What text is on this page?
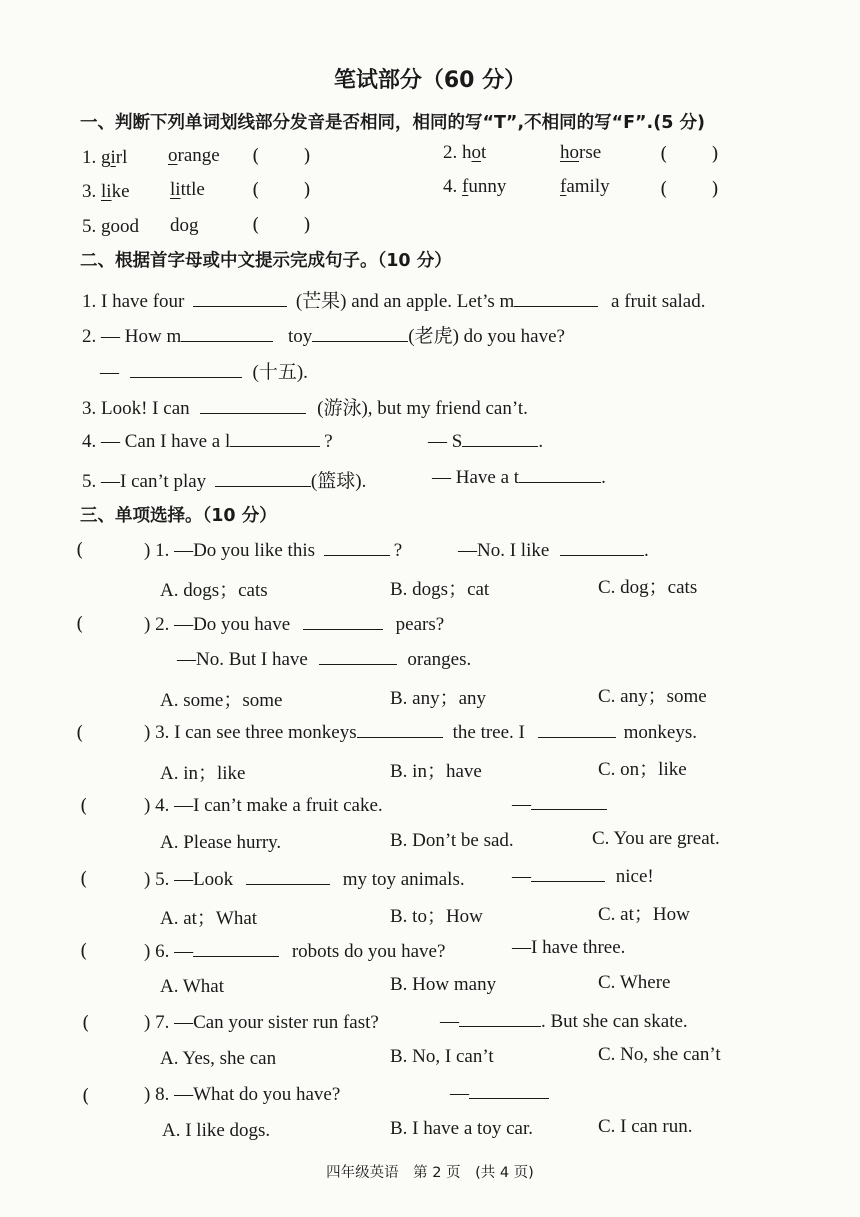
笔试部分（60 分）
一、判断下列单词划线部分发音是否相同，相同的写“T”,不相同的写“F”.(5 分)
1. girl orange ( )	2. hot	horse	( )
3. like little ( )	4. funny	family	( )
5. good dog	( )
二、根据首字母或中文提示完成句子。（10 分）
1. I have four	(芒果) and an apple. Let’s m	a fruit salad.
2. — How m	toy	(老虎) do you have?
—	(十五).
3. Look! I can	(游泳), but my friend can’t.
4. — Can I have a l	?	— S	.
5. —I can’t play	(篮球).	— Have a t	.
三、单项选择。（10 分）
(	) 1. —Do you like this	?	—No. I like	.
A. dogs；cats	B. dogs；cat	C. dog；cats
(	) 2. —Do you have	pears?
—No. But I have	oranges.
A. some；some	B. any；any	C. any；some
(	) 3. I can see three monkeys	the tree. I	monkeys.
A. in；like	B. in；have	C. on；like
(	) 4. —I can’t make a fruit cake.	—
A. Please hurry.	B. Don’t be sad.	C. You are great.
(	) 5. —Look	my toy animals. —	nice!
A. at；What	B. to；How	C. at；How
(	) 6. —	robots do you have?	—I have three.
A. What	B. How many	C. Where
(	) 7. —Can your sister run fast?	—	. But she can skate.
A. Yes, she can	B. No, I can’t	C. No, she can’t
(	) 8. —What do you have?	—
A. I like dogs.	B. I have a toy car.	C. I can run.
四年级英语　第 2 页　(共 4 页)
